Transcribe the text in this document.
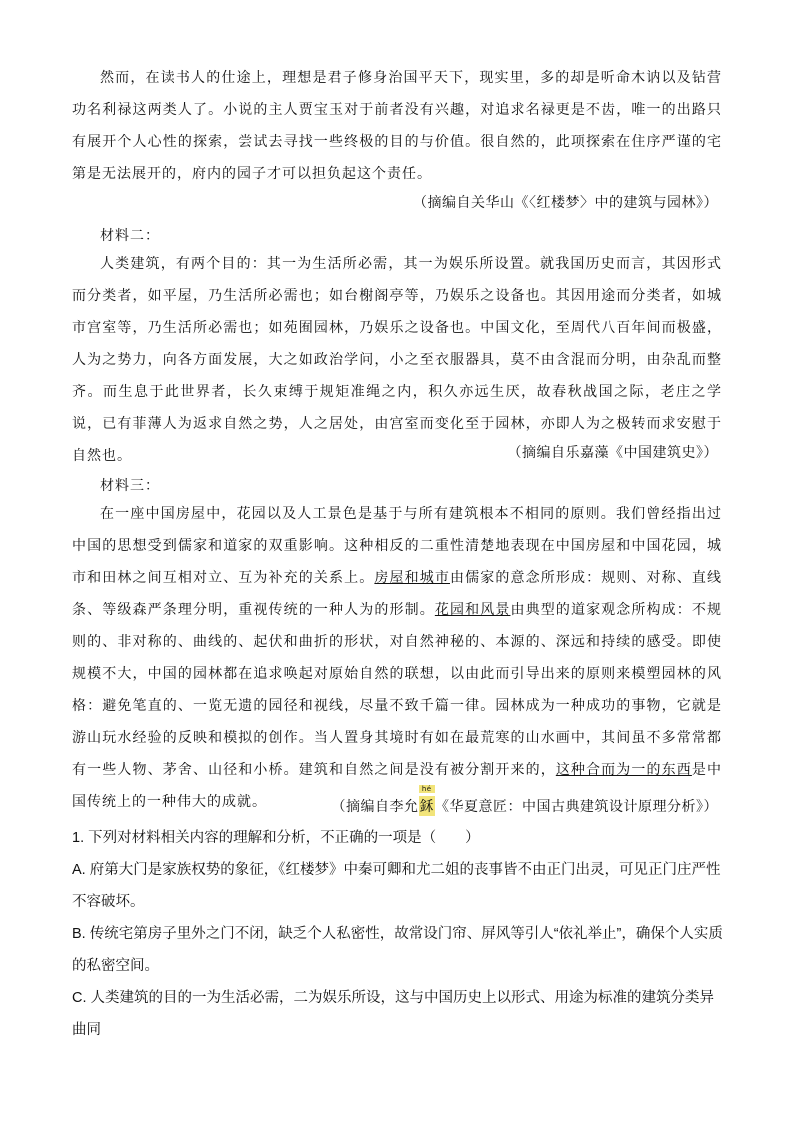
然而，在读书人的仕途上，理想是君子修身治国平天下，现实里，多的却是听命木讷以及钻营功名利禄这两类人了。小说的主人贾宝玉对于前者没有兴趣，对追求名禄更是不齿，唯一的出路只有展开个人心性的探索，尝试去寻找一些终极的目的与价值。很自然的，此项探索在住序严谨的宅第是无法展开的，府内的园子才可以担负起这个责任。

（摘编自关华山《〈红楼梦〉中的建筑与园林》）
材料二：

人类建筑，有两个目的：其一为生活所必需，其一为娱乐所设置。就我国历史而言，其因形式而分类者，如平屋，乃生活所必需也；如台榭阁亭等，乃娱乐之设备也。其因用途而分类者，如城市宫室等，乃生活所必需也；如苑囿园林，乃娱乐之设备也。中国文化，至周代八百年间而极盛，人为之势力，向各方面发展，大之如政治学问，小之至衣服器具，莫不由含混而分明，由杂乱而整齐。而生息于此世界者，长久束缚于规矩准绳之内，积久亦远生厌，故春秋战国之际，老庄之学说，已有菲薄人为返求自然之势，人之居处，由宫室而变化至于园林，亦即人为之极转而求安慰于自然也。	（摘编自乐嘉藻《中国建筑史》）
材料三：

在一座中国房屋中，花园以及人工景色是基于与所有建筑根本不相同的原则。我们曾经指出过中国的思想受到儒家和道家的双重影响。这种相反的二重性清楚地表现在中国房屋和中国花园，城市和田林之间互相对立、互为补充的关系上。房屋和城市由儒家的意念所形成：规则、对称、直线条、等级森严条理分明，重视传统的一种人为的形制。花园和风景由典型的道家观念所构成：不规则的、非对称的、曲线的、起伏和曲折的形状，对自然神秘的、本源的、深远和持续的感受。即使规模不大，中国的园林都在追求唤起对原始自然的联想，以由此而引导出来的原则来模塑园林的风格：避免笔直的、一览无遗的园径和视线，尽量不致千篇一律。园林成为一种成功的事物，它就是游山玩水经验的反映和模拟的创作。当人置身其境时有如在最荒寒的山水画中，其间虽不多常常都有一些人物、茅舍、山径和小桥。建筑和自然之间是没有被分割开来的，这种合而为一的东西是中国传统上的一种伟大的成就。	（摘编自李允
hé
鉌《华夏意匠：中国古典建筑设计原理分析》）

1. 下列对材料相关内容的理解和分析，不正确的一项是（　　）

A. 府第大门是家族权势的象征，《红楼梦》中秦可卿和尤二姐的丧事皆不由正门出灵，可见正门庄严性不容破坏。

B. 传统宅第房子里外之门不闭，缺乏个人私密性，故常设门帘、屏风等引人“依礼举止”，确保个人实质的私密空间。

C. 人类建筑的目的一为生活必需，二为娱乐所设，这与中国历史上以形式、用途为标准的建筑分类异曲同
